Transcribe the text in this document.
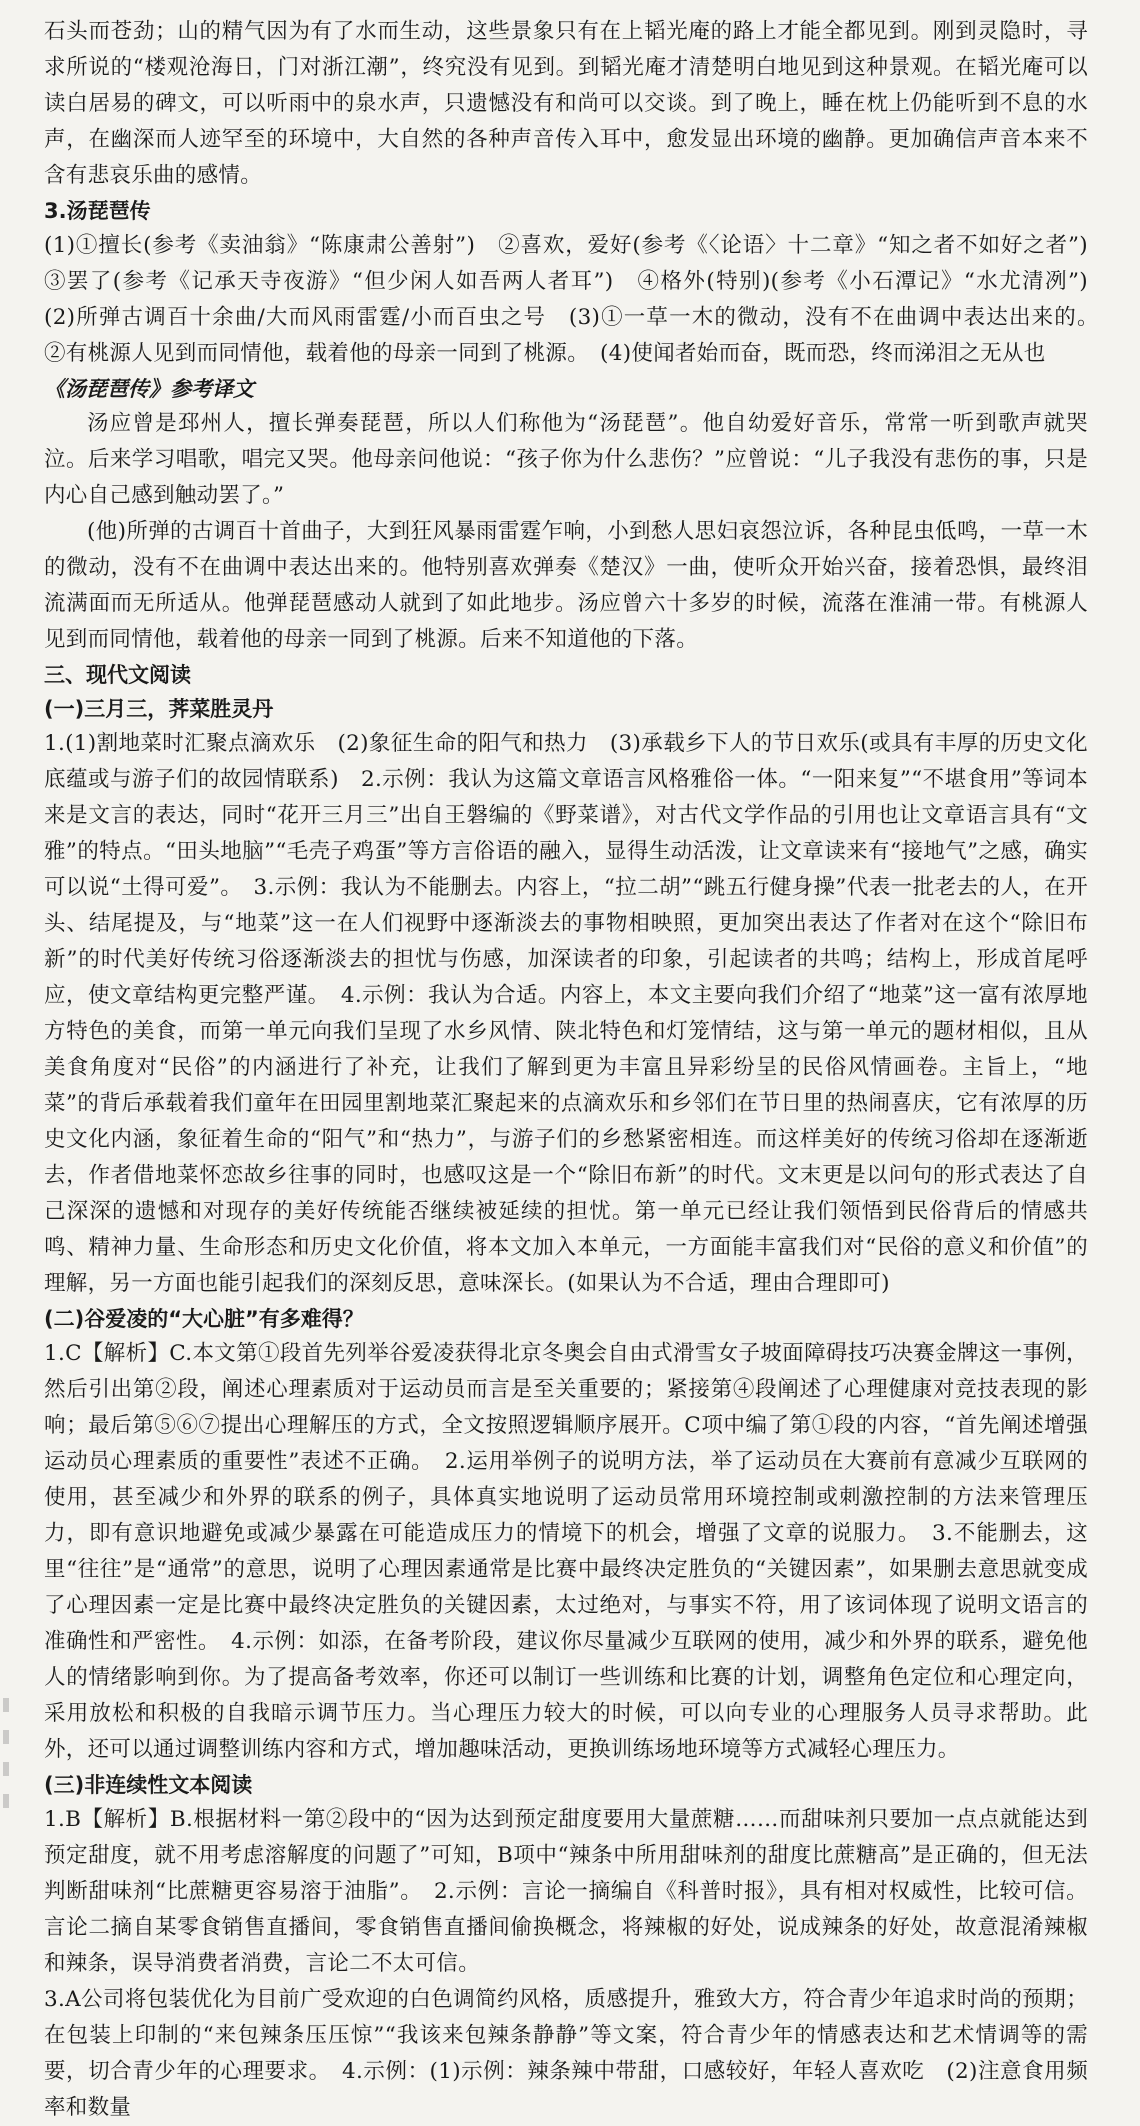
石头而苍劲；山的精气因为有了水而生动，这些景象只有在上韬光庵的路上才能全都见到。刚到灵隐时，寻求所说的“楼观沧海日，门对浙江潮”，终究没有见到。到韬光庵才清楚明白地见到这种景观。在韬光庵可以读白居易的碑文，可以听雨中的泉水声，只遗憾没有和尚可以交谈。到了晚上，睡在枕上仍能听到不息的水声，在幽深而人迹罕至的环境中，大自然的各种声音传入耳中，愈发显出环境的幽静。更加确信声音本来不含有悲哀乐曲的感情。

3.汤琵琶传

(1)①擅长(参考《卖油翁》“陈康肃公善射”)　②喜欢，爱好(参考《〈论语〉十二章》“知之者不如好之者”)　③罢了(参考《记承天寺夜游》“但少闲人如吾两人者耳”)　④格外(特别)(参考《小石潭记》“水尤清冽”)　(2)所弹古调百十余曲/大而风雨雷霆/小而百虫之号　(3)①一草一木的微动，没有不在曲调中表达出来的。　②有桃源人见到而同情他，载着他的母亲一同到了桃源。　(4)使闻者始而奋，既而恐，终而涕泪之无从也

《汤琵琶传》参考译文

汤应曾是邳州人，擅长弹奏琵琶，所以人们称他为“汤琵琶”。他自幼爱好音乐，常常一听到歌声就哭泣。后来学习唱歌，唱完又哭。他母亲问他说：“孩子你为什么悲伤？”应曾说：“儿子我没有悲伤的事，只是内心自己感到触动罢了。”

(他)所弹的古调百十首曲子，大到狂风暴雨雷霆乍响，小到愁人思妇哀怨泣诉，各种昆虫低鸣，一草一木的微动，没有不在曲调中表达出来的。他特别喜欢弹奏《楚汉》一曲，使听众开始兴奋，接着恐惧，最终泪流满面而无所适从。他弹琵琶感动人就到了如此地步。汤应曾六十多岁的时候，流落在淮浦一带。有桃源人见到而同情他，载着他的母亲一同到了桃源。后来不知道他的下落。

三、现代文阅读

(一)三月三，荠菜胜灵丹

1.(1)割地菜时汇聚点滴欢乐　(2)象征生命的阳气和热力　(3)承载乡下人的节日欢乐(或具有丰厚的历史文化底蕴或与游子们的故园情联系)　2.示例：我认为这篇文章语言风格雅俗一体。“一阳来复”“不堪食用”等词本来是文言的表达，同时“花开三月三”出自王磐编的《野菜谱》，对古代文学作品的引用也让文章语言具有“文雅”的特点。“田头地脑”“毛壳子鸡蛋”等方言俗语的融入，显得生动活泼，让文章读来有“接地气”之感，确实可以说“土得可爱”。　3.示例：我认为不能删去。内容上，“拉二胡”“跳五行健身操”代表一批老去的人，在开头、结尾提及，与“地菜”这一在人们视野中逐渐淡去的事物相映照，更加突出表达了作者对在这个“除旧布新”的时代美好传统习俗逐渐淡去的担忧与伤感，加深读者的印象，引起读者的共鸣；结构上，形成首尾呼应，使文章结构更完整严谨。　4.示例：我认为合适。内容上，本文主要向我们介绍了“地菜”这一富有浓厚地方特色的美食，而第一单元向我们呈现了水乡风情、陕北特色和灯笼情结，这与第一单元的题材相似，且从美食角度对“民俗”的内涵进行了补充，让我们了解到更为丰富且异彩纷呈的民俗风情画卷。主旨上，“地菜”的背后承载着我们童年在田园里割地菜汇聚起来的点滴欢乐和乡邻们在节日里的热闹喜庆，它有浓厚的历史文化内涵，象征着生命的“阳气”和“热力”，与游子们的乡愁紧密相连。而这样美好的传统习俗却在逐渐逝去，作者借地菜怀恋故乡往事的同时，也感叹这是一个“除旧布新”的时代。文末更是以问句的形式表达了自己深深的遗憾和对现存的美好传统能否继续被延续的担忧。第一单元已经让我们领悟到民俗背后的情感共鸣、精神力量、生命形态和历史文化价值，将本文加入本单元，一方面能丰富我们对“民俗的意义和价值”的理解，另一方面也能引起我们的深刻反思，意味深长。(如果认为不合适，理由合理即可)

(二)谷爱凌的“大心脏”有多难得？

1.C【解析】C.本文第①段首先列举谷爱凌获得北京冬奥会自由式滑雪女子坡面障碍技巧决赛金牌这一事例，然后引出第②段，阐述心理素质对于运动员而言是至关重要的；紧接第④段阐述了心理健康对竞技表现的影响；最后第⑤⑥⑦提出心理解压的方式，全文按照逻辑顺序展开。C项中编了第①段的内容，“首先阐述增强运动员心理素质的重要性”表述不正确。　2.运用举例子的说明方法，举了运动员在大赛前有意减少互联网的使用，甚至减少和外界的联系的例子，具体真实地说明了运动员常用环境控制或刺激控制的方法来管理压力，即有意识地避免或减少暴露在可能造成压力的情境下的机会，增强了文章的说服力。　3.不能删去，这里“往往”是“通常”的意思，说明了心理因素通常是比赛中最终决定胜负的“关键因素”，如果删去意思就变成了心理因素一定是比赛中最终决定胜负的关键因素，太过绝对，与事实不符，用了该词体现了说明文语言的准确性和严密性。　4.示例：如添，在备考阶段，建议你尽量减少互联网的使用，减少和外界的联系，避免他人的情绪影响到你。为了提高备考效率，你还可以制订一些训练和比赛的计划，调整角色定位和心理定向，采用放松和积极的自我暗示调节压力。当心理压力较大的时候，可以向专业的心理服务人员寻求帮助。此外，还可以通过调整训练内容和方式，增加趣味活动，更换训练场地环境等方式减轻心理压力。

(三)非连续性文本阅读

1.B【解析】B.根据材料一第②段中的“因为达到预定甜度要用大量蔗糖……而甜味剂只要加一点点就能达到预定甜度，就不用考虑溶解度的问题了”可知，B项中“辣条中所用甜味剂的甜度比蔗糖高”是正确的，但无法判断甜味剂“比蔗糖更容易溶于油脂”。　2.示例：言论一摘编自《科普时报》，具有相对权威性，比较可信。言论二摘自某零食销售直播间，零食销售直播间偷换概念，将辣椒的好处，说成辣条的好处，故意混淆辣椒和辣条，误导消费者消费，言论二不太可信。

3.A公司将包装优化为目前广受欢迎的白色调简约风格，质感提升，雅致大方，符合青少年追求时尚的预期；在包装上印制的“来包辣条压压惊”“我该来包辣条静静”等文案，符合青少年的情感表达和艺术情调等的需要，切合青少年的心理要求。　4.示例：(1)示例：辣条辣中带甜，口感较好，年轻人喜欢吃　(2)注意食用频率和数量
